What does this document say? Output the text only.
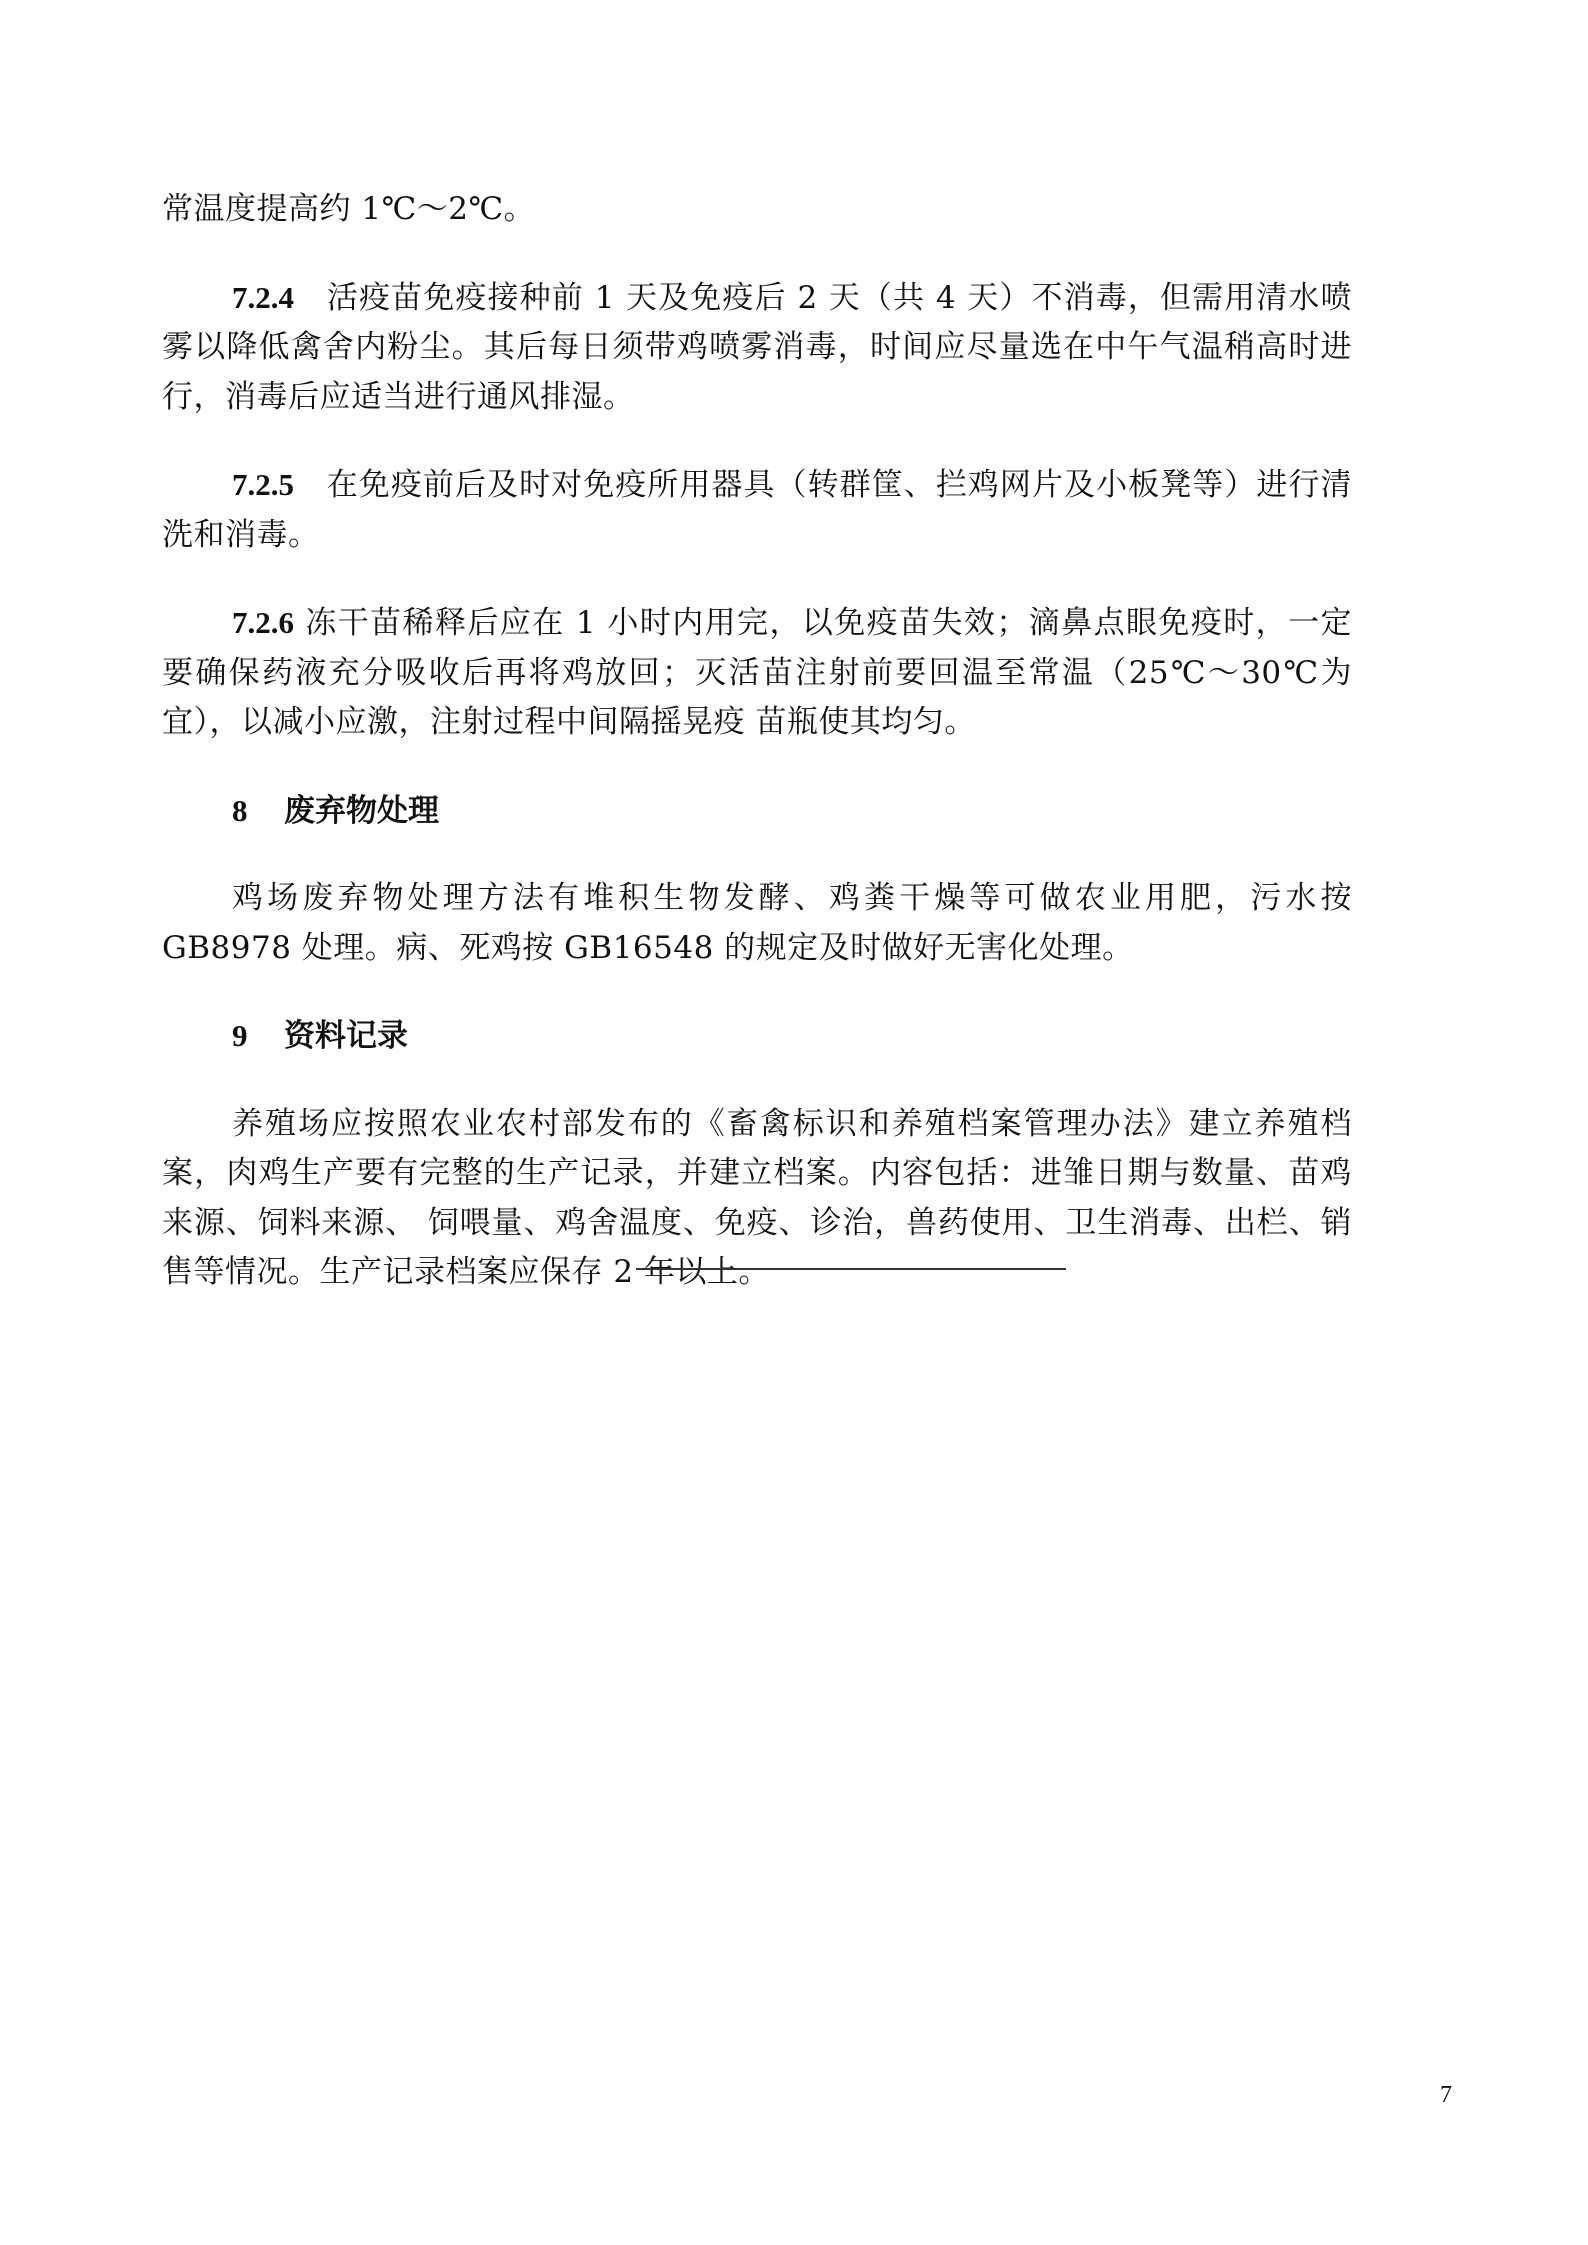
常温度提高约 1℃～2℃。

7.2.4 活疫苗免疫接种前 1 天及免疫后 2 天（共 4 天）不消毒，但需用清水喷雾以降低禽舍内粉尘。其后每日须带鸡喷雾消毒，时间应尽量选在中午气温稍高时进行，消毒后应适当进行通风排湿。

7.2.5 在免疫前后及时对免疫所用器具（转群筐、拦鸡网片及小板凳等）进行清洗和消毒。

7.2.6 冻干苗稀释后应在 1 小时内用完，以免疫苗失效；滴鼻点眼免疫时，一定要确保药液充分吸收后再将鸡放回；灭活苗注射前要回温至常温（25℃～30℃为宜），以减小应激，注射过程中间隔摇晃疫 苗瓶使其均匀。

8 废弃物处理

鸡场废弃物处理方法有堆积生物发酵、鸡粪干燥等可做农业用肥，污水按 GB8978 处理。病、死鸡按 GB16548 的规定及时做好无害化处理。

9 资料记录

养殖场应按照农业农村部发布的《畜禽标识和养殖档案管理办法》建立养殖档案，肉鸡生产要有完整的生产记录，并建立档案。内容包括：进雏日期与数量、苗鸡来源、饲料来源、 饲喂量、鸡舍温度、免疫、诊治，兽药使用、卫生消毒、出栏、销售等情况。生产记录档案应保存 2 年以上。

7
